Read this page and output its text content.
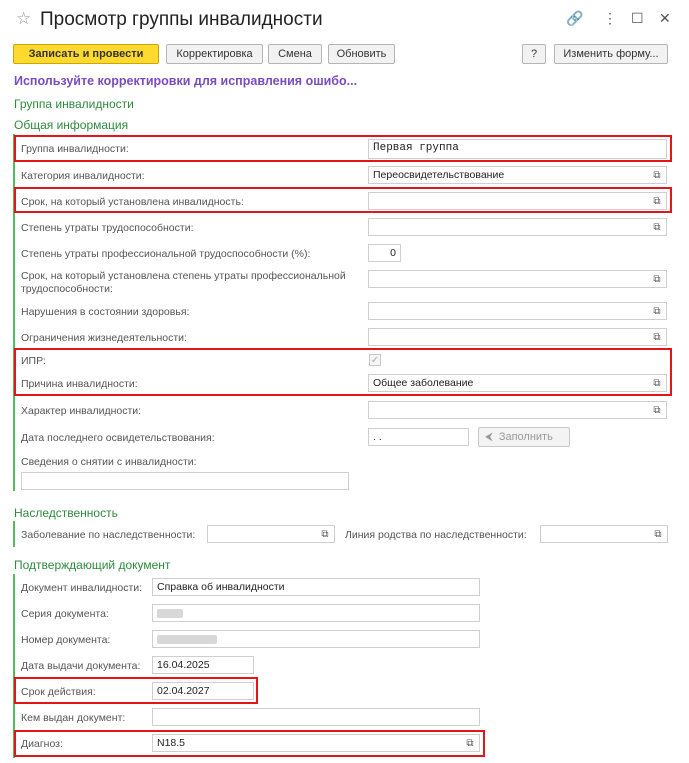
☆ Просмотр группы инвалидности	🔗 ⋮ ☐ ✕
Записать и провести	Корректировка	Смена	Обновить	?	Изменить форму...
Используйте корректировки для исправления ошибо...
Группа инвалидности
Общая информация
Группа инвалидности:	Первая группа
Категория инвалидности:	Переосвидетельствование	⧉
Срок, на который установлена инвалидность:	⧉
Степень утраты трудоспособности:	⧉
Степень утраты профессиональной трудоспособности (%):	0
Срок, на который установлена степень утраты профессиональной
трудоспособности:
⧉
Нарушения в состоянии здоровья:	⧉
Ограничения жизнедеятельности:	⧉
ИПР:	✓
Причина инвалидности:	Общее заболевание	⧉
Характер инвалидности:	⧉
Дата последнего освидетельствования:	. .	⮜ Заполнить
Сведения о снятии с инвалидности:
Наследственность
Заболевание по наследственности:	⧉	Линия родства по наследственности:	⧉
Подтверждающий документ
Документ инвалидности:	Справка об инвалидности
Серия документа:
Номер документа:
Дата выдачи документа:	16.04.2025
Срок действия:	02.04.2027
Кем выдан документ:
Диагноз:	N18.5	⧉
